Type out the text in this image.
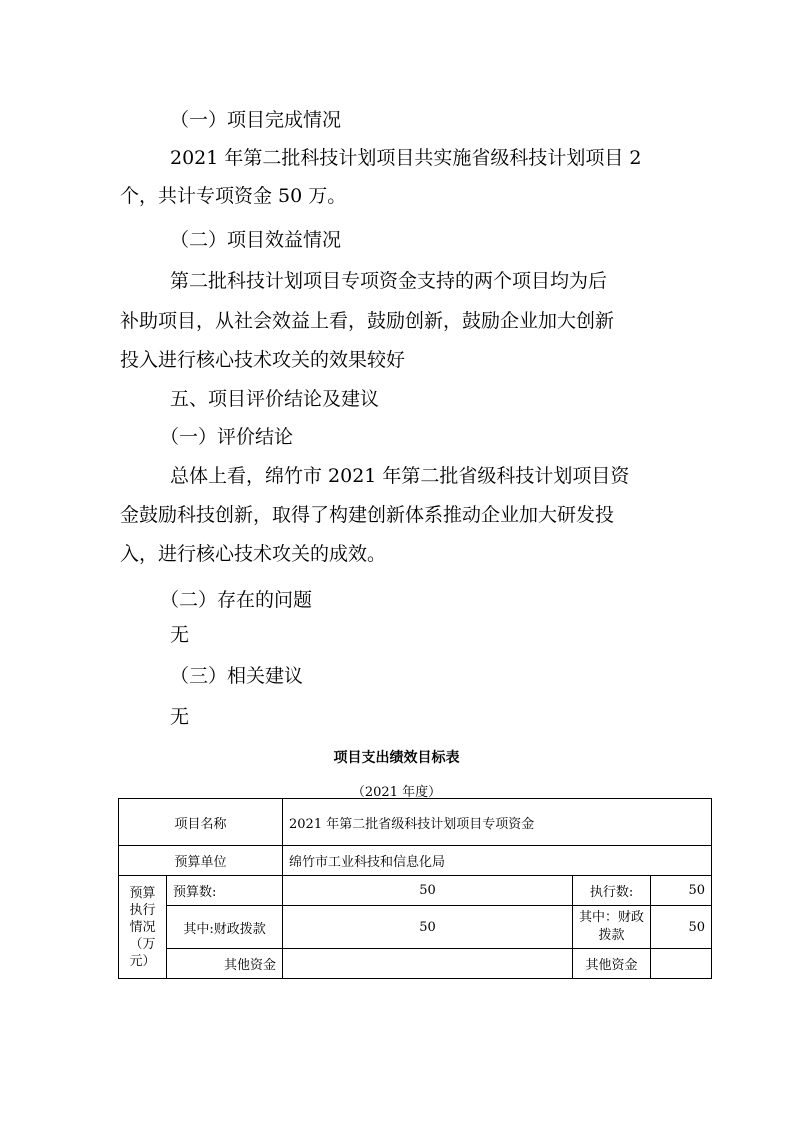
（一）项目完成情况
2021 年第二批科技计划项目共实施省级科技计划项目 2
个，共计专项资金 50 万。
（二）项目效益情况
第二批科技计划项目专项资金支持的两个项目均为后
补助项目，从社会效益上看，鼓励创新，鼓励企业加大创新
投入进行核心技术攻关的效果较好
五、项目评价结论及建议
（一）评价结论
总体上看，绵竹市 2021 年第二批省级科技计划项目资
金鼓励科技创新，取得了构建创新体系推动企业加大研发投
入，进行核心技术攻关的成效。
（二）存在的问题
无
（三）相关建议
无
项目支出绩效目标表
（2021 年度）
项目名称		2021 年第二批省级科技计划项目专项资金		
预算单位		绵竹市工业科技和信息化局		

预算执行情况（万元）	预算数:	50	执行数:	50
	其中:财政拨款	50	其中：财政拨款	50
	其他资金		其他资金	
